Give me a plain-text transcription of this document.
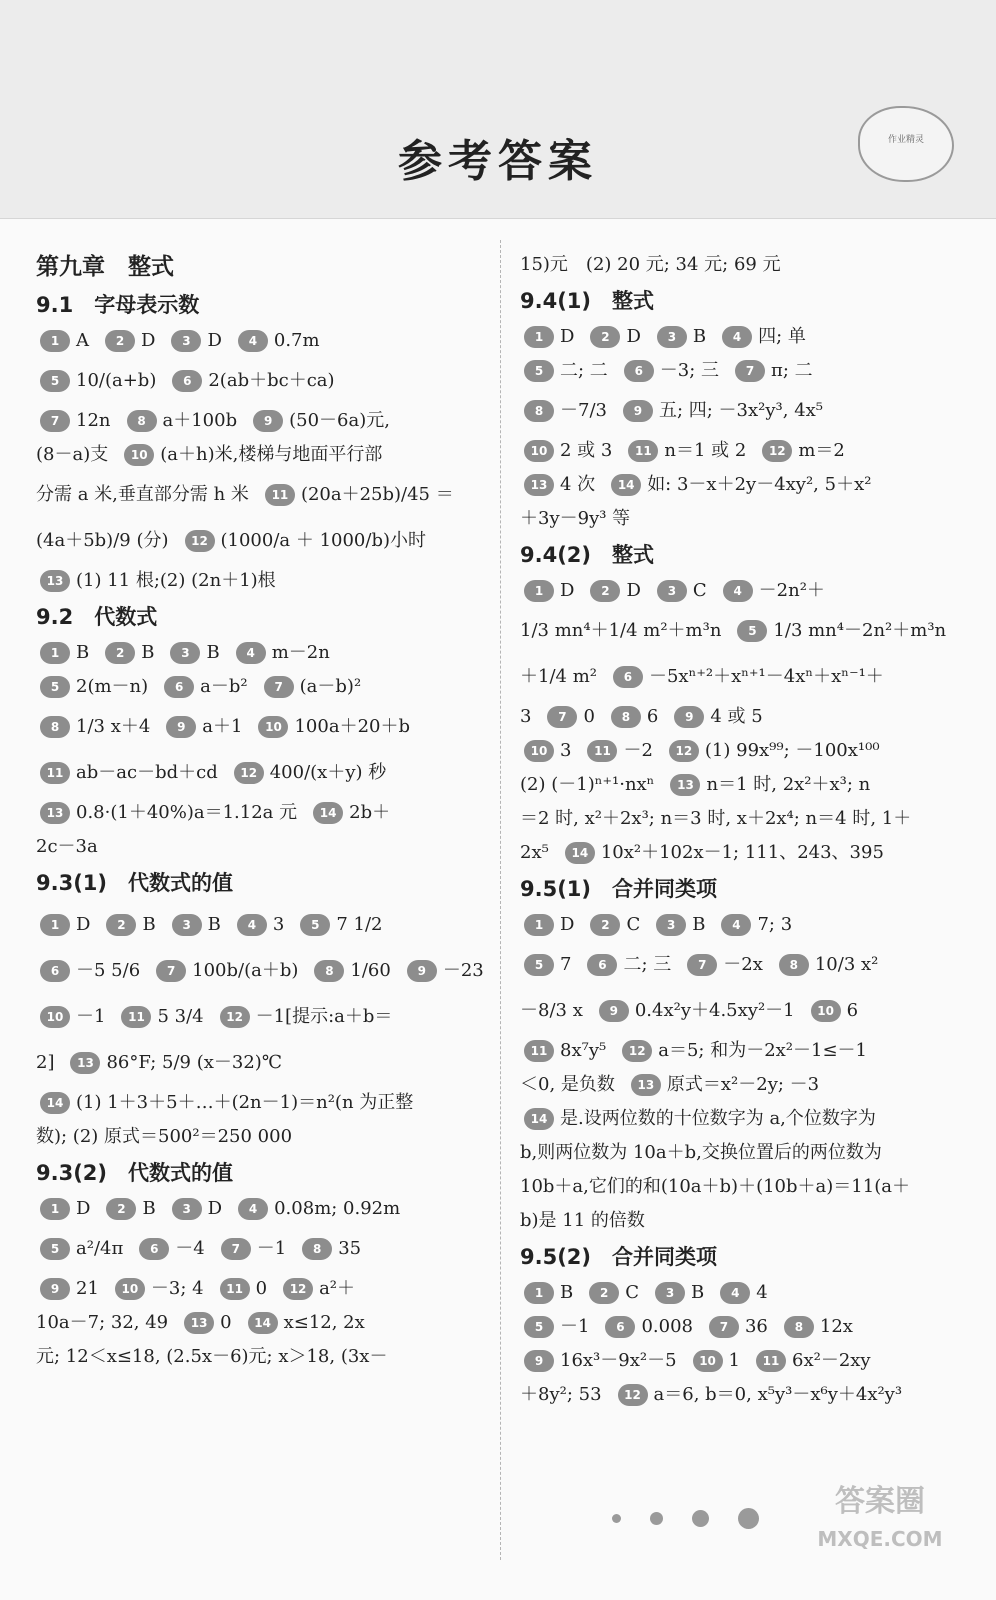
参考答案	作业精灵
第九章　整式
9.1　字母表示数
1 A 2 D 3 D 4 0.7m
5 10/(a+b) 6 2(ab＋bc＋ca)
7 12n 8 a＋100b 9 (50－6a)元,
(8－a)支 10 (a＋h)米,楼梯与地面平行部
分需 a 米,垂直部分需 h 米 11 (20a＋25b)/45 ＝
(4a＋5b)/9 (分) 12 (1000/a ＋ 1000/b)小时
13 (1) 11 根;(2) (2n＋1)根
9.2　代数式
1 B 2 B 3 B 4 m－2n
5 2(m－n) 6 a－b² 7 (a－b)²
8 1/3 x＋4 9 a＋1 10 100a＋20＋b
11 ab－ac－bd＋cd 12 400/(x＋y) 秒
13 0.8·(1＋40%)a＝1.12a 元 14 2b＋
2c－3a
9.3(1)　代数式的值
1 D 2 B 3 B 4 3 5 7 1/2
6 －5 5/6 7 100b/(a＋b) 8 1/60 9 －23
10 －1 11 5 3/4 12 －1[提示:a＋b＝
2] 13 86°F; 5/9 (x－32)℃
14 (1) 1＋3＋5＋…＋(2n－1)＝n²(n 为正整
数); (2) 原式＝500²＝250 000
9.3(2)　代数式的值
1 D 2 B 3 D 4 0.08m; 0.92m
5 a²/4π 6 －4 7 －1 8 35
9 21 10 －3; 4 11 0 12 a²＋
10a－7; 32, 49 13 0 14 x≤12, 2x
元; 12＜x≤18, (2.5x－6)元; x＞18, (3x－
15)元　(2) 20 元; 34 元; 69 元
9.4(1)　整式
1 D 2 D 3 B 4 四; 单
5 二; 二 6 －3; 三 7 π; 二
8 －7/3 9 五; 四; －3x²y³, 4x⁵
10 2 或 3 11 n＝1 或 2 12 m＝2
13 4 次 14 如: 3－x＋2y－4xy², 5＋x²
＋3y－9y³ 等
9.4(2)　整式
1 D 2 D 3 C 4 －2n²＋
1/3 mn⁴＋1/4 m²＋m³n 5 1/3 mn⁴－2n²＋m³n
＋1/4 m² 6 －5xⁿ⁺²＋xⁿ⁺¹－4xⁿ＋xⁿ⁻¹＋
3 7 0 8 6 9 4 或 5
10 3 11 －2 12 (1) 99x⁹⁹; －100x¹⁰⁰
(2) (－1)ⁿ⁺¹·nxⁿ 13 n＝1 时, 2x²＋x³; n
＝2 时, x²＋2x³; n＝3 时, x＋2x⁴; n＝4 时, 1＋
2x⁵ 14 10x²＋102x－1; 111、243、395
9.5(1)　合并同类项
1 D 2 C 3 B 4 7; 3
5 7 6 二; 三 7 －2x 8 10/3 x²
－8/3 x 9 0.4x²y＋4.5xy²－1 10 6
11 8x⁷y⁵ 12 a＝5; 和为－2x²－1≤－1
＜0, 是负数 13 原式＝x²－2y; －3
14 是.设两位数的十位数字为 a,个位数字为
b,则两位数为 10a＋b,交换位置后的两位数为
10b＋a,它们的和(10a＋b)＋(10b＋a)＝11(a＋
b)是 11 的倍数
9.5(2)　合并同类项
1 B 2 C 3 B 4 4
5 －1 6 0.008 7 36 8 12x
9 16x³－9x²－5 10 1 11 6x²－2xy
＋8y²; 53 12 a＝6, b＝0, x⁵y³－x⁶y＋4x²y³

答案圈
MXQE.COM
